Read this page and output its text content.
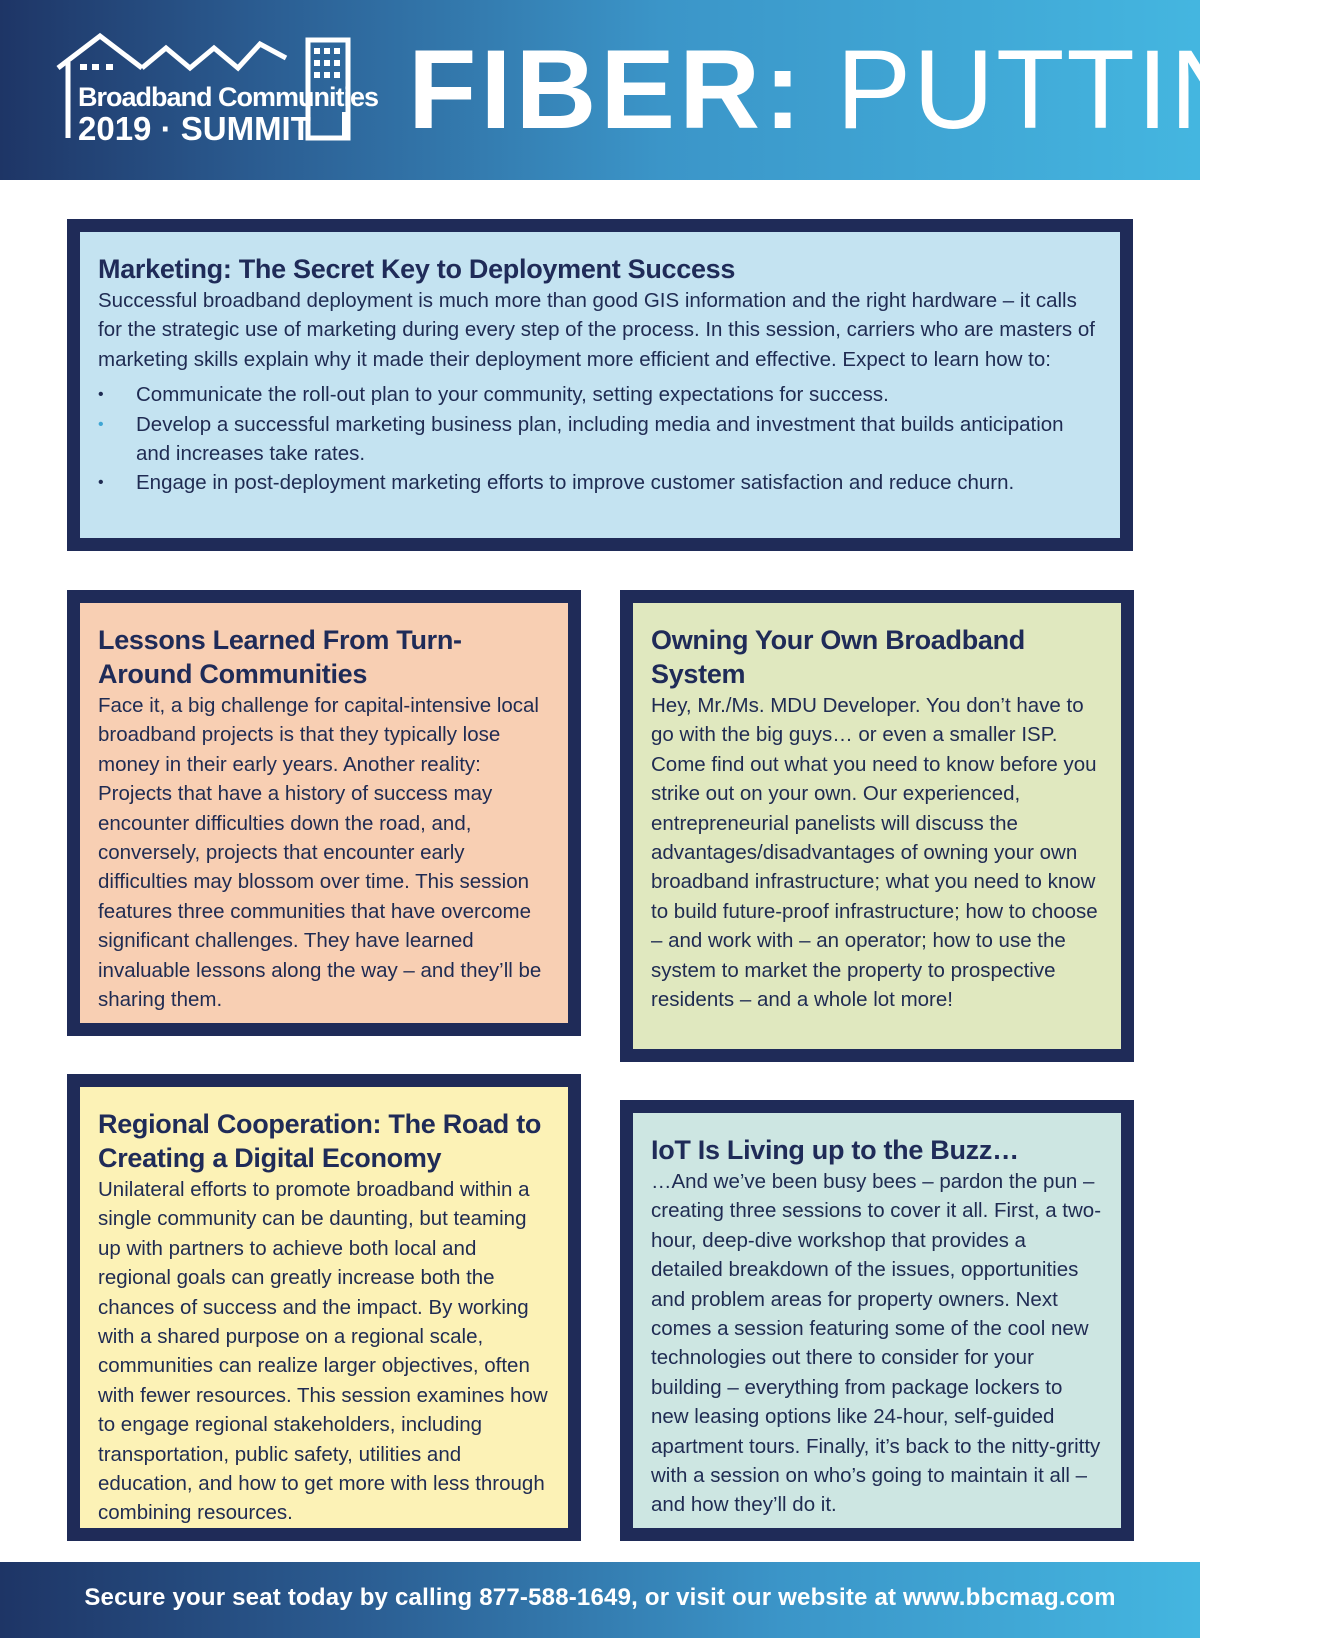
Broadband Communities
2019 · SUMMIT FIBER: PUTTING
Marketing: The Secret Key to Deployment Success

Successful broadband deployment is much more than good GIS information and the right hardware – it calls for the strategic use of marketing during every step of the process. In this session, carriers who are masters of marketing skills explain why it made their deployment more efficient and effective. Expect to learn how to:

•	Communicate the roll-out plan to your community, setting expectations for success.
•	Develop a successful marketing business plan, including media and investment that builds anticipation and increases take rates.
•	Engage in post-deployment marketing efforts to improve customer satisfaction and reduce churn.
Lessons Learned From Turn-Around Communities

Face it, a big challenge for capital-intensive local broadband projects is that they typically lose money in their early years. Another reality: Projects that have a history of success may encounter difficulties down the road, and, conversely, projects that encounter early difficulties may blossom over time. This session features three communities that have overcome significant challenges. They have learned invaluable lessons along the way – and they’ll be sharing them.

Owning Your Own Broadband System

Hey, Mr./Ms. MDU Developer. You don’t have to go with the big guys… or even a smaller ISP. Come find out what you need to know before you strike out on your own. Our experienced, entrepreneurial panelists will discuss the advantages/disadvantages of owning your own broadband infrastructure; what you need to know to build future-proof infrastructure; how to choose – and work with – an operator; how to use the system to market the property to prospective residents – and a whole lot more!

Regional Cooperation: The Road to Creating a Digital Economy

Unilateral efforts to promote broadband within a single community can be daunting, but teaming up with partners to achieve both local and regional goals can greatly increase both the chances of success and the impact. By working with a shared purpose on a regional scale, communities can realize larger objectives, often with fewer resources. This session examines how to engage regional stakeholders, including transportation, public safety, utilities and education, and how to get more with less through combining resources.

IoT Is Living up to the Buzz…

…And we’ve been busy bees – pardon the pun – creating three sessions to cover it all. First, a two-hour, deep-dive workshop that provides a detailed breakdown of the issues, opportunities and problem areas for property owners. Next comes a session featuring some of the cool new technologies out there to consider for your building – everything from package lockers to new leasing options like 24-hour, self-guided apartment tours. Finally, it’s back to the nitty-gritty with a session on who’s going to maintain it all – and how they’ll do it.

Secure your seat today by calling 877-588-1649, or visit our website at www.bbcmag.com
